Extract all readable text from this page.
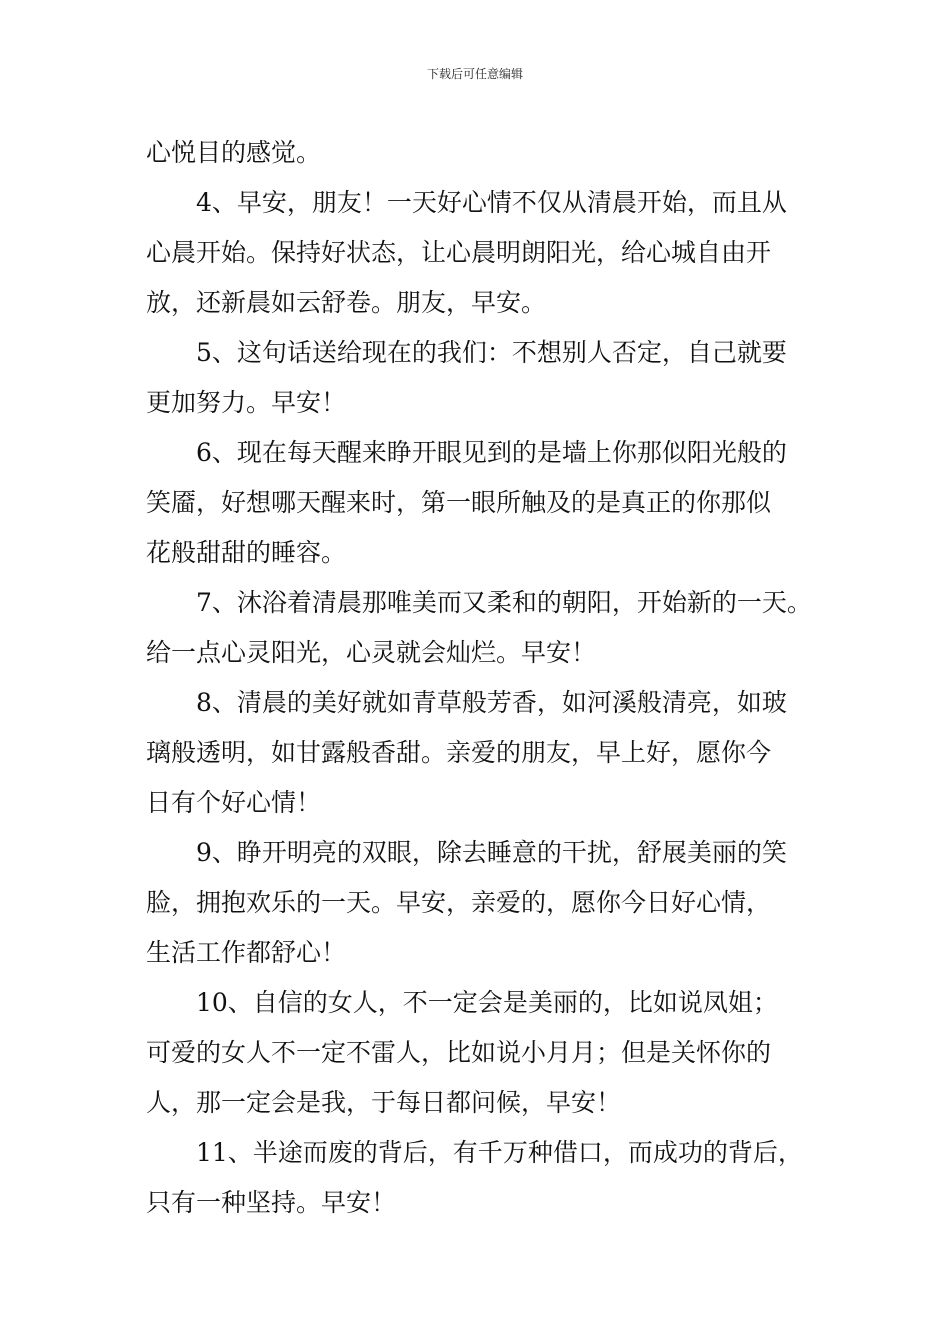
下载后可任意编辑
心悦目的感觉。
4、早安，朋友！一天好心情不仅从清晨开始，而且从
心晨开始。保持好状态，让心晨明朗阳光，给心城自由开
放，还新晨如云舒卷。朋友，早安。
5、这句话送给现在的我们：不想别人否定，自己就要
更加努力。早安！
6、现在每天醒来睁开眼见到的是墙上你那似阳光般的
笑靥，好想哪天醒来时，第一眼所触及的是真正的你那似
花般甜甜的睡容。
7、沐浴着清晨那唯美而又柔和的朝阳，开始新的一天。
给一点心灵阳光，心灵就会灿烂。早安！
8、清晨的美好就如青草般芳香，如河溪般清亮，如玻
璃般透明，如甘露般香甜。亲爱的朋友，早上好，愿你今
日有个好心情！
9、睁开明亮的双眼，除去睡意的干扰，舒展美丽的笑
脸，拥抱欢乐的一天。早安，亲爱的，愿你今日好心情，
生活工作都舒心！
10、自信的女人，不一定会是美丽的，比如说凤姐；
可爱的女人不一定不雷人，比如说小月月；但是关怀你的
人，那一定会是我，于每日都问候，早安！
11、半途而废的背后，有千万种借口，而成功的背后，
只有一种坚持。早安！
